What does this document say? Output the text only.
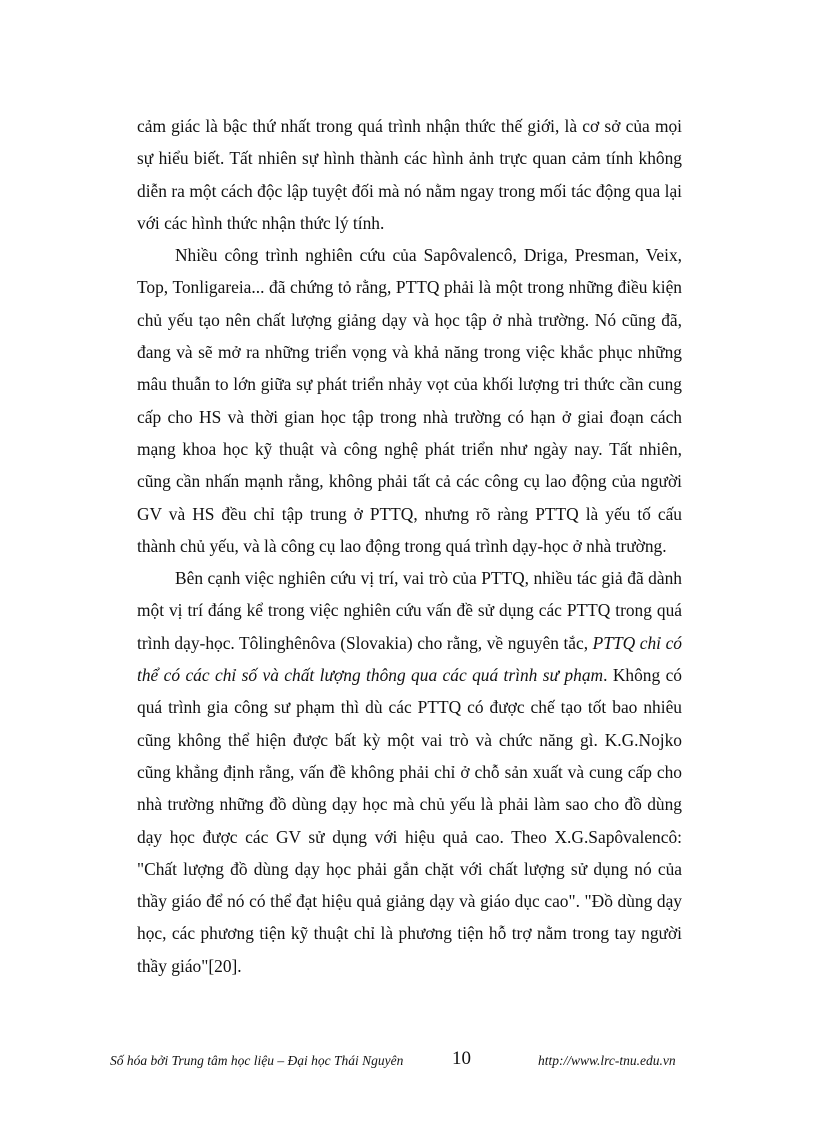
cảm giác là bậc thứ nhất trong quá trình nhận thức thế giới, là cơ sở của mọi sự hiểu biết. Tất nhiên sự hình thành các hình ảnh trực quan cảm tính không diễn ra một cách độc lập tuyệt đối mà nó nằm ngay trong mối tác động qua lại với các hình thức nhận thức lý tính.

Nhiều công trình nghiên cứu của Sapôvalencô, Driga, Presman, Veix, Top, Tonligareia... đã chứng tỏ rằng, PTTQ phải là một trong những điều kiện chủ yếu tạo nên chất lượng giảng dạy và học tập ở nhà trường. Nó cũng đã, đang và sẽ mở ra những triển vọng và khả năng trong việc khắc phục những mâu thuẫn to lớn giữa sự phát triển nhảy vọt của khối lượng tri thức cần cung cấp cho HS và thời gian học tập trong nhà trường có hạn ở giai đoạn cách mạng khoa học kỹ thuật và công nghệ phát triển như ngày nay. Tất nhiên, cũng cần nhấn mạnh rằng, không phải tất cả các công cụ lao động của người GV và HS đều chỉ tập trung ở PTTQ, nhưng rõ ràng PTTQ là yếu tố cấu thành chủ yếu, và là công cụ lao động trong quá trình dạy-học ở nhà trường.

Bên cạnh việc nghiên cứu vị trí, vai trò của PTTQ, nhiều tác giả đã dành một vị trí đáng kể trong việc nghiên cứu vấn đề sử dụng các PTTQ trong quá trình dạy-học. Tôlinghênôva (Slovakia) cho rằng, về nguyên tắc, PTTQ chỉ có thể có các chỉ số và chất lượng thông qua các quá trình sư phạm. Không có quá trình gia công sư phạm thì dù các PTTQ có được chế tạo tốt bao nhiêu cũng không thể hiện được bất kỳ một vai trò và chức năng gì. K.G.Nojko cũng khẳng định rằng, vấn đề không phải chỉ ở chỗ sản xuất và cung cấp cho nhà trường những đồ dùng dạy học mà chủ yếu là phải làm sao cho đồ dùng dạy học được các GV sử dụng với hiệu quả cao. Theo X.G.Sapôvalencô: "Chất lượng đồ dùng dạy học phải gắn chặt với chất lượng sử dụng nó của thầy giáo để nó có thể đạt hiệu quả giảng dạy và giáo dục cao". "Đồ dùng dạy học, các phương tiện kỹ thuật chỉ là phương tiện hỗ trợ nằm trong tay người thầy giáo"[20].

Số hóa bởi Trung tâm học liệu – Đại học Thái Nguyên	10	http://www.lrc-tnu.edu.vn
